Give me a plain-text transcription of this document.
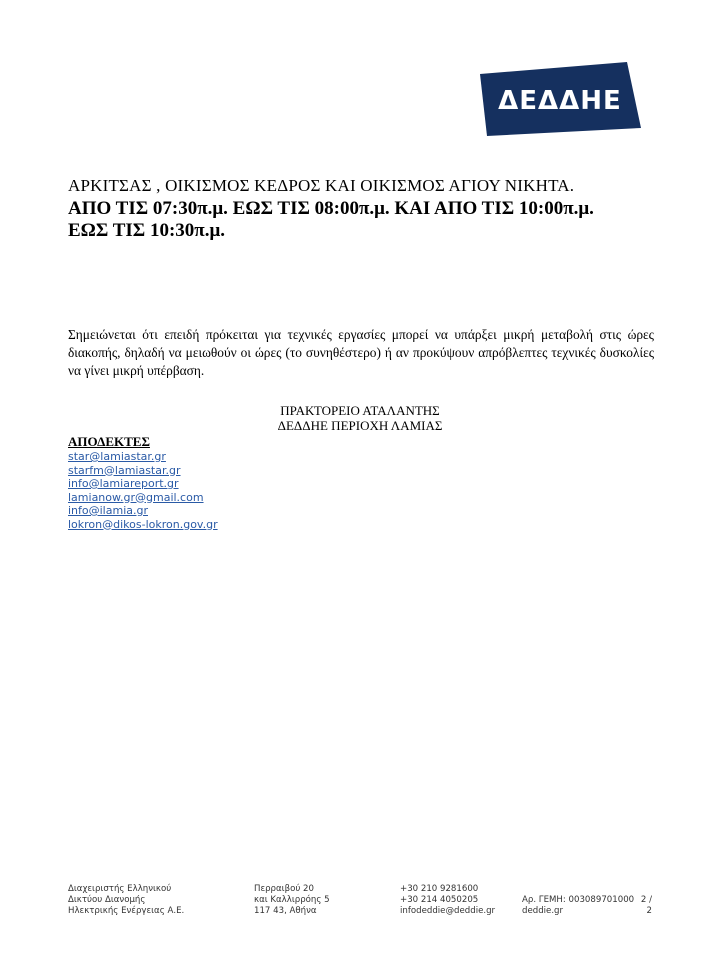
ΔΕΔΔΗΕ
ΑΡΚΙΤΣΑΣ , ΟΙΚΙΣΜΟΣ ΚΕΔΡΟΣ ΚΑΙ ΟΙΚΙΣΜΟΣ ΑΓΙΟΥ ΝΙΚΗΤΑ.
ΑΠΟ ΤΙΣ 07:30π.μ. ΕΩΣ ΤΙΣ 08:00π.μ. ΚΑΙ ΑΠΟ ΤΙΣ 10:00π.μ.
ΕΩΣ ΤΙΣ 10:30π.μ.
Σημειώνεται ότι επειδή πρόκειται για τεχνικές εργασίες μπορεί να υπάρξει μικρή μεταβολή στις ώρες διακοπής, δηλαδή να μειωθούν οι ώρες (το συνηθέστερο) ή αν προκύψουν απρόβλεπτες τεχνικές δυσκολίες να γίνει μικρή υπέρβαση.
ΠΡΑΚΤΟΡΕΙΟ ΑΤΑΛΑΝΤΗΣ
ΔΕΔΔΗΕ ΠΕΡΙΟΧΗ ΛΑΜΙΑΣ
ΑΠΟΔΕΚΤΕΣ
star@lamiastar.gr
starfm@lamiastar.gr
info@lamiareport.gr
lamianow.gr@gmail.com
info@ilamia.gr
lokron@dikos-lokron.gov.gr
Διαχειριστής Ελληνικού
Δικτύου Διανομής
Ηλεκτρικής Ενέργειας Α.Ε.
Περραιβού 20
και Καλλιρρόης 5
117 43, Αθήνα
+30 210 9281600
+30 214 4050205
infodeddie@deddie.gr
Αρ. ΓΕΜΗ: 003089701000
deddie.gr
2 /
2
